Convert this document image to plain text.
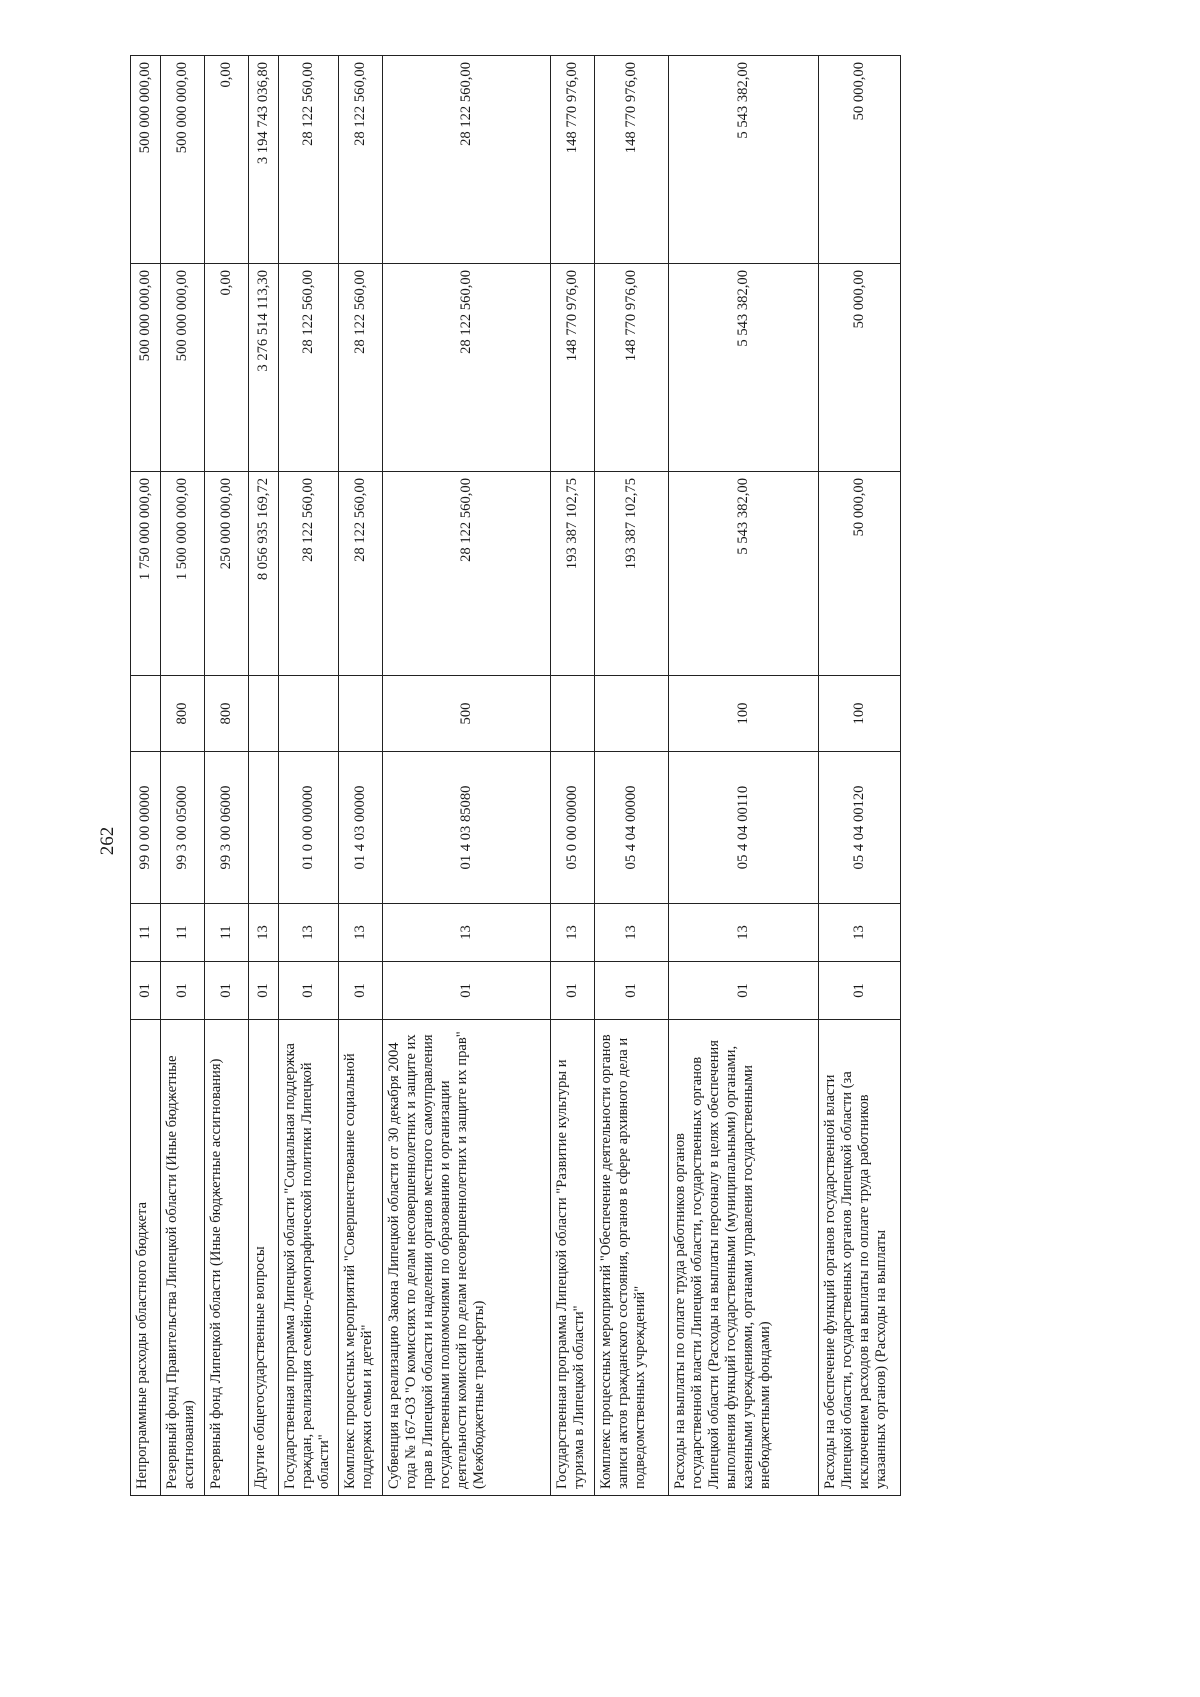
262
Непрограммные расходы областного бюджета	01	11	99 0 00 00000		1 750 000 000,00	500 000 000,00	500 000 000,00
Резервный фонд Правительства Липецкой области (Иные бюджетные ассигнования)	01	11	99 3 00 05000	800	1 500 000 000,00	500 000 000,00	500 000 000,00
Резервный фонд Липецкой области (Иные бюджетные ассигнования)	01	11	99 3 00 06000	800	250 000 000,00	0,00	0,00
Другие общегосударственные вопросы	01	13			8 056 935 169,72	3 276 514 113,30	3 194 743 036,80
Государственная программа Липецкой области "Социальная поддержка граждан, реализация семейно-демографической политики Липецкой области"	01	13	01 0 00 00000		28 122 560,00	28 122 560,00	28 122 560,00
Комплекс процессных мероприятий "Совершенствование социальной поддержки семьи и детей"	01	13	01 4 03 00000		28 122 560,00	28 122 560,00	28 122 560,00
Субвенция на реализацию Закона Липецкой области от 30 декабря 2004 года № 167-ОЗ "О комиссиях по делам несовершеннолетних и защите их прав в Липецкой области и наделении органов местного самоуправления государственными полномочиями по образованию и организации деятельности комиссий по делам несовершеннолетних и защите их прав" (Межбюджетные трансферты)	01	13	01 4 03 85080	500	28 122 560,00	28 122 560,00	28 122 560,00
Государственная программа Липецкой области "Развитие культуры и туризма в Липецкой области"	01	13	05 0 00 00000		193 387 102,75	148 770 976,00	148 770 976,00
Комплекс процессных мероприятий "Обеспечение деятельности органов записи актов гражданского состояния, органов в сфере архивного дела и подведомственных учреждений"	01	13	05 4 04 00000		193 387 102,75	148 770 976,00	148 770 976,00
Расходы на выплаты по оплате труда работников органов государственной власти Липецкой области, государственных органов Липецкой области (Расходы на выплаты персоналу в целях обеспечения выполнения функций государственными (муниципальными) органами, казенными учреждениями, органами управления государственными внебюджетными фондами)	01	13	05 4 04 00110	100	5 543 382,00	5 543 382,00	5 543 382,00
Расходы на обеспечение функций органов государственной власти Липецкой области, государственных органов Липецкой области (за исключением расходов на выплаты по оплате труда работников указанных органов) (Расходы на выплаты	01	13	05 4 04 00120	100	50 000,00	50 000,00	50 000,00
